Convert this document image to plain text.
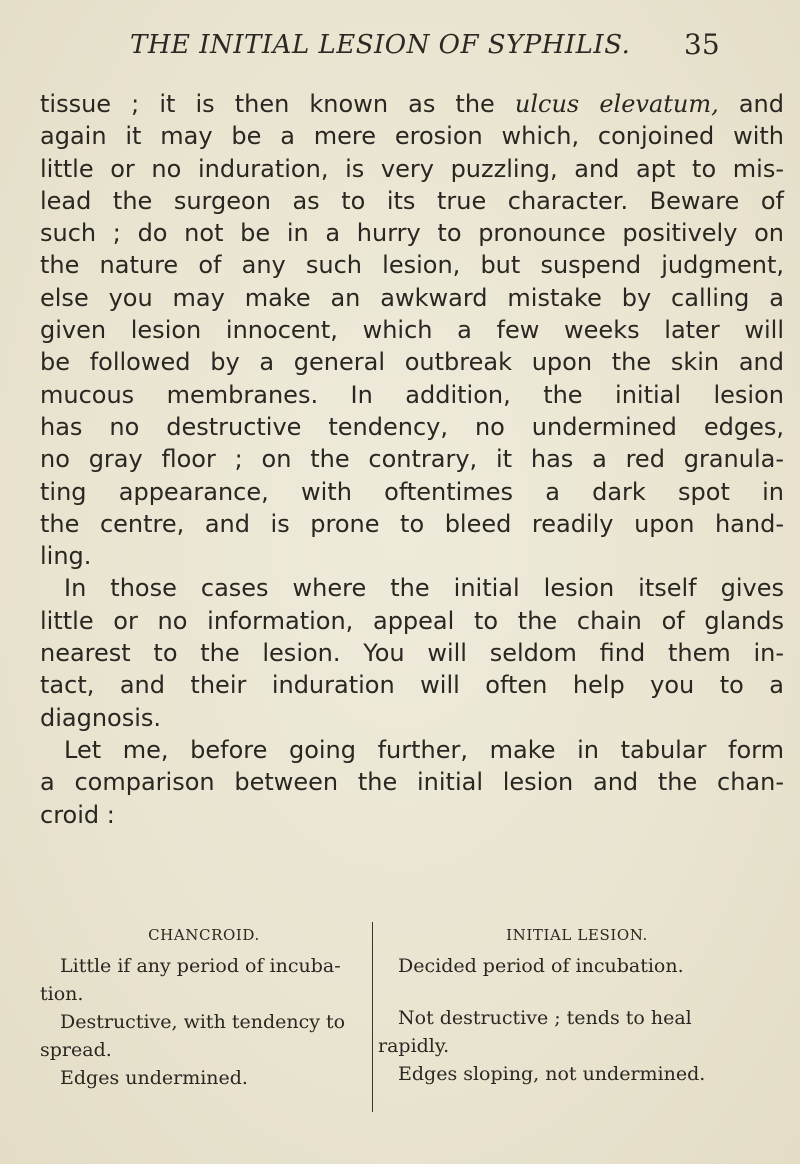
THE INITIAL LESION OF SYPHILIS. 35
tissue ; it is then known as the ulcus elevatum, and
again it may be a mere erosion which, conjoined with
little or no induration, is very puzzling, and apt to mis-
lead the surgeon as to its true character. Beware of
such ; do not be in a hurry to pronounce positively on
the nature of any such lesion, but suspend judgment,
else you may make an awkward mistake by calling a
given lesion innocent, which a few weeks later will
be followed by a general outbreak upon the skin and
mucous membranes. In addition, the initial lesion
has no destructive tendency, no undermined edges,
no gray floor ; on the contrary, it has a red granula-
ting appearance, with oftentimes a dark spot in
the centre, and is prone to bleed readily upon hand-
ling.
In those cases where the initial lesion itself gives
little or no information, appeal to the chain of glands
nearest to the lesion. You will seldom find them in-
tact, and their induration will often help you to a
diagnosis.
Let me, before going further, make in tabular form
a comparison between the initial lesion and the chan-
croid :
CHANCROID.
Little if any period of incuba-
tion.
Destructive, with tendency to
spread.
Edges undermined.
INITIAL LESION.
Decided period of incubation.
Not destructive ; tends to heal
rapidly.
Edges sloping, not undermined.
